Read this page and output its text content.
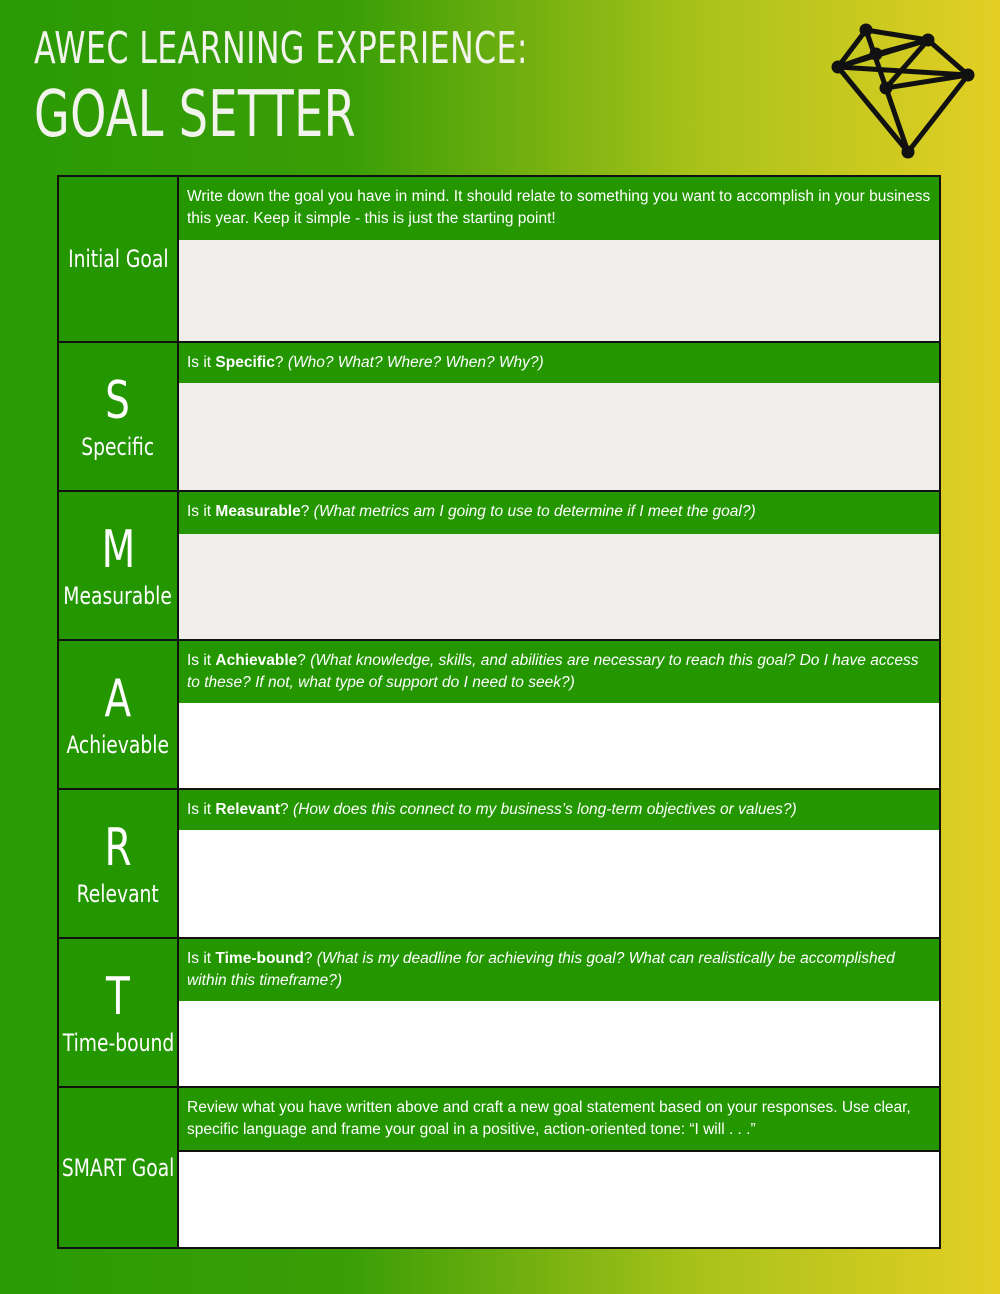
AWEC LEARNING EXPERIENCE:
GOAL SETTER
Initial Goal
Write down the goal you have in mind. It should relate to something you want to accomplish in your business this year. Keep it simple - this is just the starting point!
S
Specific
Is it Specific? (Who? What? Where? When? Why?)
M
Measurable
Is it Measurable? (What metrics am I going to use to determine if I meet the goal?)
A
Achievable
Is it Achievable? (What knowledge, skills, and abilities are necessary to reach this goal? Do I have access to these? If not, what type of support do I need to seek?)
R
Relevant
Is it Relevant? (How does this connect to my business’s long-term objectives or values?)
T
Time-bound
Is it Time-bound? (What is my deadline for achieving this goal? What can realistically be accomplished within this timeframe?)
SMART Goal
Review what you have written above and craft a new goal statement based on your responses. Use clear, specific language and frame your goal in a positive, action-oriented tone: “I will . . .”
